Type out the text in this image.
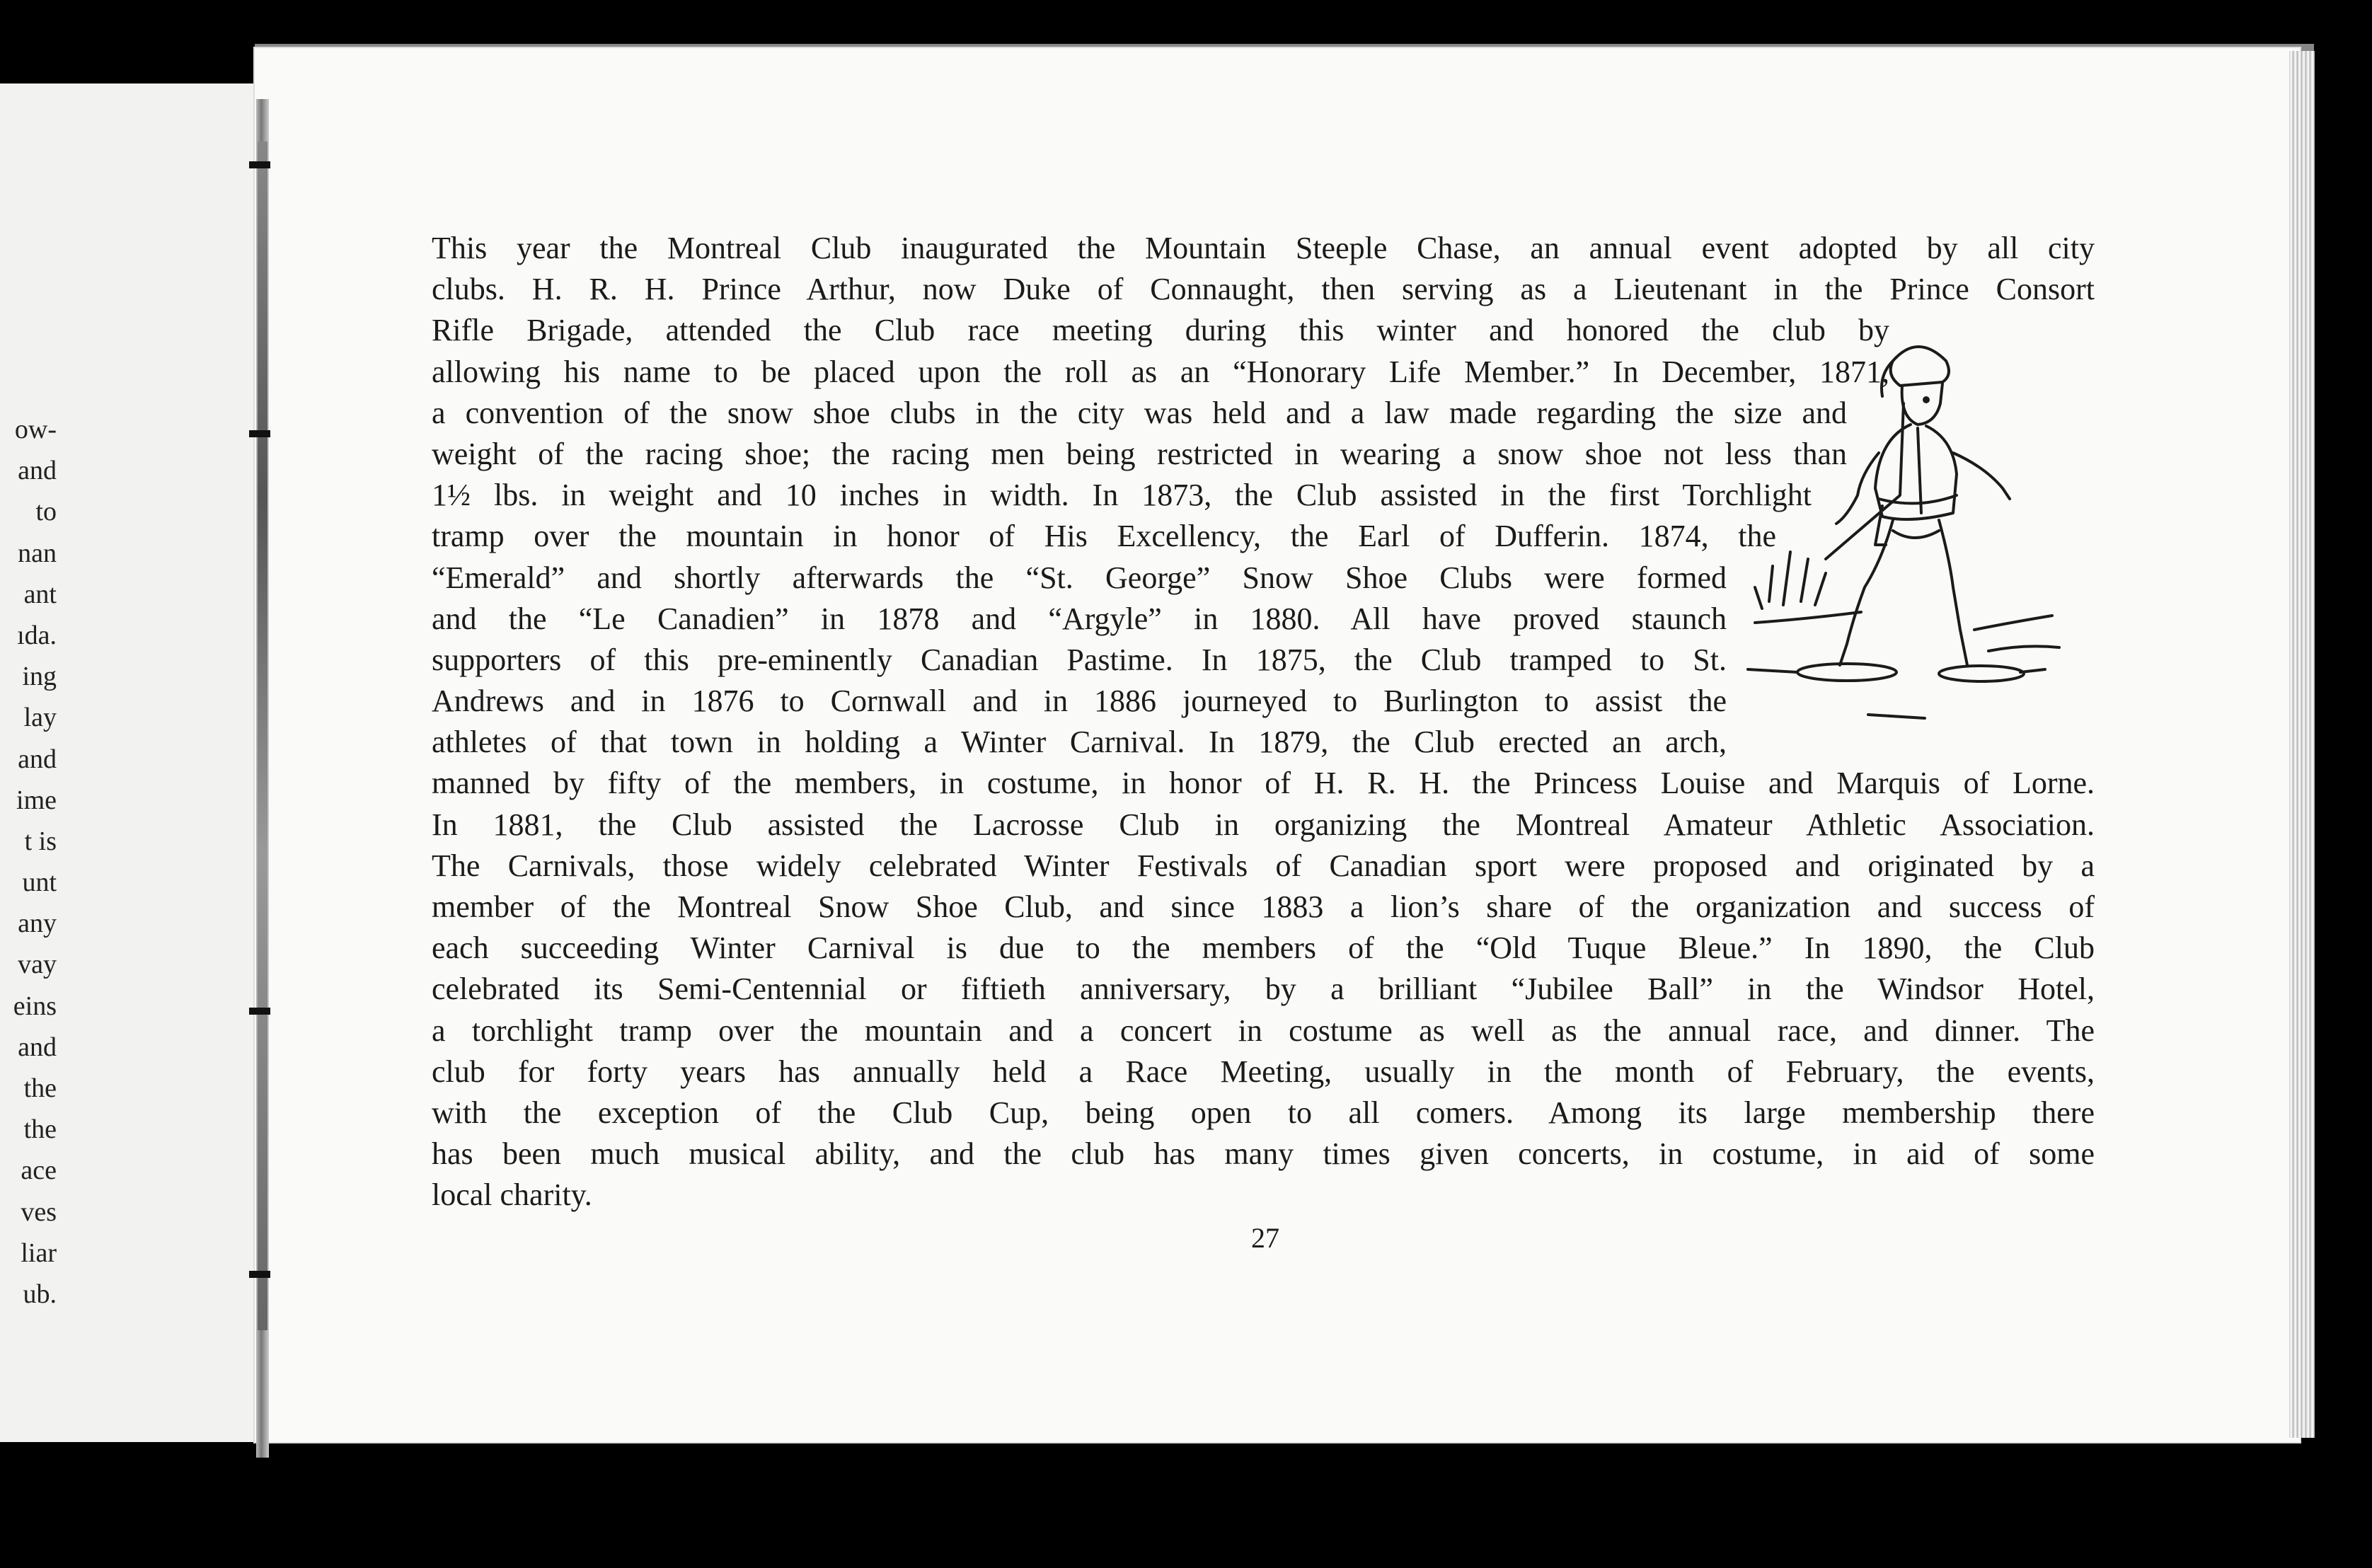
ow-
and
to
nan
ant
ıda.
ing
lay
and
ime
t is
unt
any
vay
eins
and
the
the
ace
ves
liar
ub.
This year the Montreal Club inaugurated the Mountain Steeple Chase, an annual event adopted by all city
clubs. H. R. H. Prince Arthur, now Duke of Connaught, then serving as a Lieutenant in the Prince Consort
Rifle Brigade, attended the Club race meeting during this winter and honored the club by
allowing his name to be placed upon the roll as an “Honorary Life Member.” In December, 1871,
a convention of the snow shoe clubs in the city was held and a law made regarding the size and
weight of the racing shoe; the racing men being restricted in wearing a snow shoe not less than
1½ lbs. in weight and 10 inches in width. In 1873, the Club assisted in the first Torchlight
tramp over the mountain in honor of His Excellency, the Earl of Dufferin. 1874, the
“Emerald” and shortly afterwards the “St. George” Snow Shoe Clubs were formed
and the “Le Canadien” in 1878 and “Argyle” in 1880. All have proved staunch
supporters of this pre-eminently Canadian Pastime. In 1875, the Club tramped to St.
Andrews and in 1876 to Cornwall and in 1886 journeyed to Burlington to assist the
athletes of that town in holding a Winter Carnival. In 1879, the Club erected an arch,
manned by fifty of the members, in costume, in honor of H. R. H. the Princess Louise and Marquis of Lorne.
In 1881, the Club assisted the Lacrosse Club in organizing the Montreal Amateur Athletic Association.
The Carnivals, those widely celebrated Winter Festivals of Canadian sport were proposed and originated by a
member of the Montreal Snow Shoe Club, and since 1883 a lion’s share of the organization and success of
each succeeding Winter Carnival is due to the members of the “Old Tuque Bleue.” In 1890, the Club
celebrated its Semi-Centennial or fiftieth anniversary, by a brilliant “Jubilee Ball” in the Windsor Hotel,
a torchlight tramp over the mountain and a concert in costume as well as the annual race, and dinner. The
club for forty years has annually held a Race Meeting, usually in the month of February, the events,
with the exception of the Club Cup, being open to all comers. Among its large membership there
has been much musical ability, and the club has many times given concerts, in costume, in aid of some
local charity.
27
